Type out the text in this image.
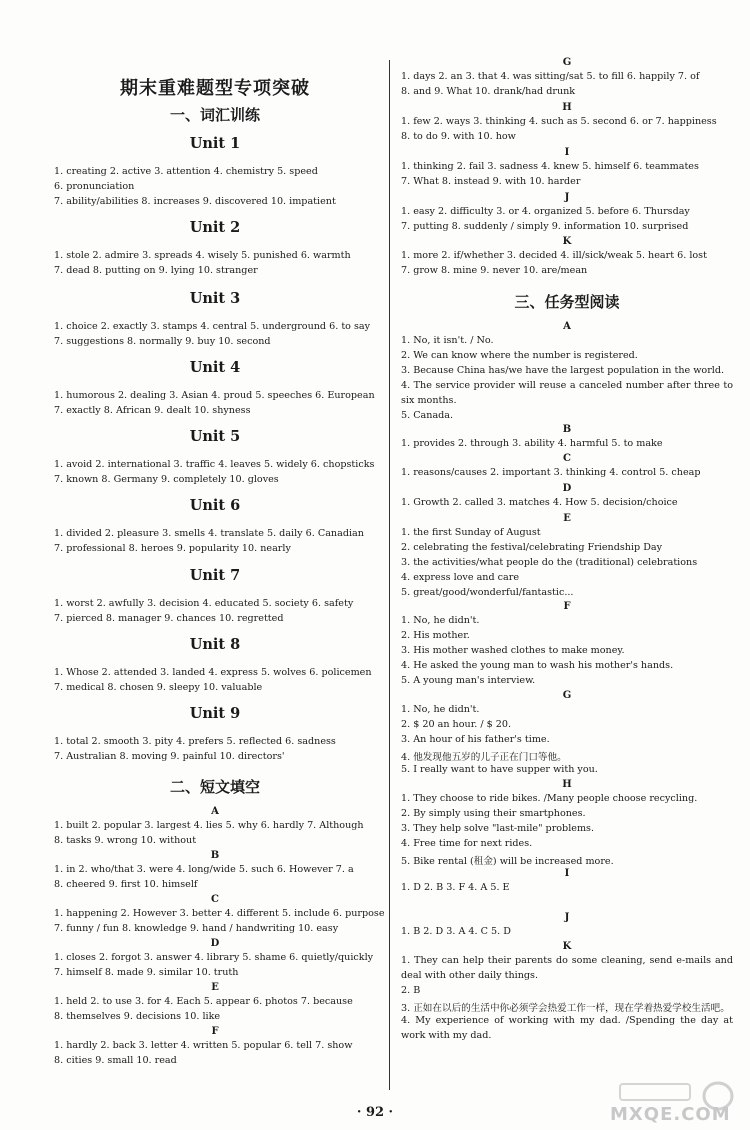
期末重难题型专项突破
一、词汇训练
Unit 1
1. creating 2. active 3. attention 4. chemistry 5. speed
6. pronunciation
7. ability/abilities 8. increases 9. discovered 10. impatient
Unit 2
1. stole 2. admire 3. spreads 4. wisely 5. punished 6. warmth
7. dead 8. putting on 9. lying 10. stranger
Unit 3
1. choice 2. exactly 3. stamps 4. central 5. underground 6. to say
7. suggestions 8. normally 9. buy 10. second
Unit 4
1. humorous 2. dealing 3. Asian 4. proud 5. speeches 6. European
7. exactly 8. African 9. dealt 10. shyness
Unit 5
1. avoid 2. international 3. traffic 4. leaves 5. widely 6. chopsticks
7. known 8. Germany 9. completely 10. gloves
Unit 6
1. divided 2. pleasure 3. smells 4. translate 5. daily 6. Canadian
7. professional 8. heroes 9. popularity 10. nearly
Unit 7
1. worst 2. awfully 3. decision 4. educated 5. society 6. safety
7. pierced 8. manager 9. chances 10. regretted
Unit 8
1. Whose 2. attended 3. landed 4. express 5. wolves 6. policemen
7. medical 8. chosen 9. sleepy 10. valuable
Unit 9
1. total 2. smooth 3. pity 4. prefers 5. reflected 6. sadness
7. Australian 8. moving 9. painful 10. directors'
二、短文填空
A
1. built 2. popular 3. largest 4. lies 5. why 6. hardly 7. Although
8. tasks 9. wrong 10. without
B
1. in 2. who/that 3. were 4. long/wide 5. such 6. However 7. a
8. cheered 9. first 10. himself
C
1. happening 2. However 3. better 4. different 5. include 6. purpose
7. funny / fun 8. knowledge 9. hand / handwriting 10. easy
D
1. closes 2. forgot 3. answer 4. library 5. shame 6. quietly/quickly
7. himself 8. made 9. similar 10. truth
E
1. held 2. to use 3. for 4. Each 5. appear 6. photos 7. because
8. themselves 9. decisions 10. like
F
1. hardly 2. back 3. letter 4. written 5. popular 6. tell 7. show
8. cities 9. small 10. read
G
1. days 2. an 3. that 4. was sitting/sat 5. to fill 6. happily 7. of
8. and 9. What 10. drank/had drunk
H
1. few 2. ways 3. thinking 4. such as 5. second 6. or 7. happiness
8. to do 9. with 10. how
I
1. thinking 2. fail 3. sadness 4. knew 5. himself 6. teammates
7. What 8. instead 9. with 10. harder
J
1. easy 2. difficulty 3. or 4. organized 5. before 6. Thursday
7. putting 8. suddenly / simply 9. information 10. surprised
K
1. more 2. if/whether 3. decided 4. ill/sick/weak 5. heart 6. lost
7. grow 8. mine 9. never 10. are/mean
三、任务型阅读
A
1. No, it isn't. / No.
2. We can know where the number is registered.
3. Because China has/we have the largest population in the world.
4. The service provider will reuse a canceled number after three to six months.
5. Canada.
B
1. provides 2. through 3. ability 4. harmful 5. to make
C
1. reasons/causes 2. important 3. thinking 4. control 5. cheap
D
1. Growth 2. called 3. matches 4. How 5. decision/choice
E
1. the first Sunday of August
2. celebrating the festival/celebrating Friendship Day
3. the activities/what people do the (traditional) celebrations
4. express love and care
5. great/good/wonderful/fantastic...
F
1. No, he didn't.
2. His mother.
3. His mother washed clothes to make money.
4. He asked the young man to wash his mother's hands.
5. A young man's interview.
G
1. No, he didn't.
2. $ 20 an hour. / $ 20.
3. An hour of his father's time.
4. 他发现他五岁的儿子正在门口等他。
5. I really want to have supper with you.
H
1. They choose to ride bikes. /Many people choose recycling.
2. By simply using their smartphones.
3. They help solve "last-mile" problems.
4. Free time for next rides.
5. Bike rental (租金) will be increased more.
I
1. D 2. B 3. F 4. A 5. E
J
1. B 2. D 3. A 4. C 5. D
K
1. They can help their parents do some cleaning, send e-mails and deal with other daily things.
2. B
3. 正如在以后的生活中你必须学会热爱工作一样，现在学着热爱学校生活吧。
4. My experience of working with my dad. /Spending the day at work with my dad.
· 92 ·	MXQE.COM
